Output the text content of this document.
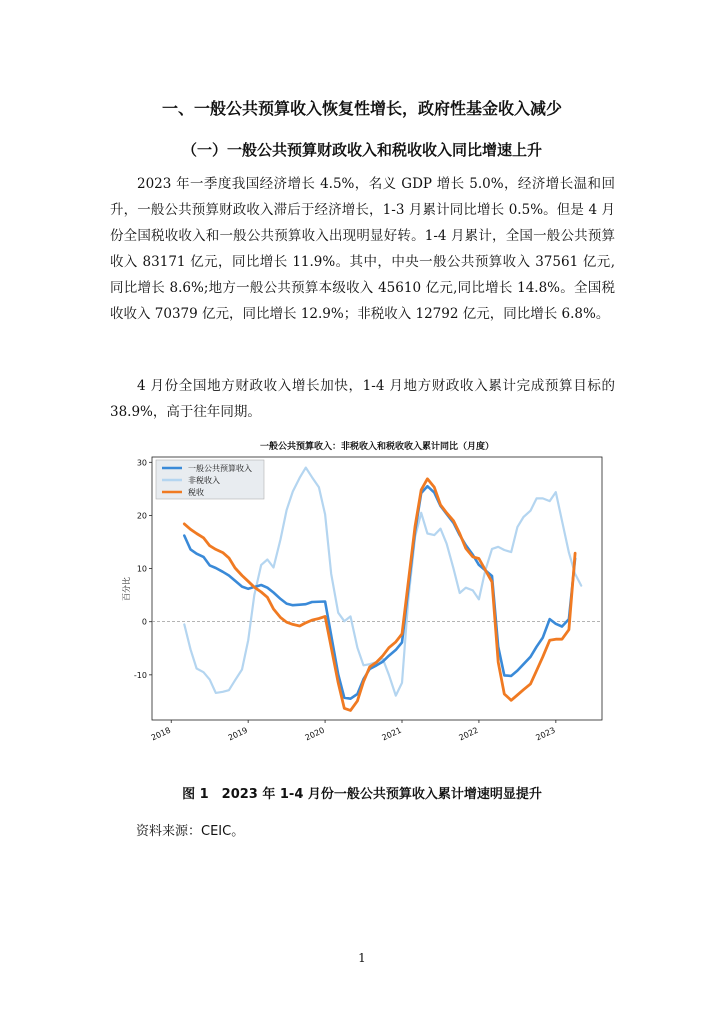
一、一般公共预算收入恢复性增长，政府性基金收入减少
（一）一般公共预算财政收入和税收收入同比增速上升

2023 年一季度我国经济增长 4.5%，名义 GDP 增长 5.0%，经济增长温和回升，一般公共预算财政收入滞后于经济增长，1-3 月累计同比增长 0.5%。但是 4 月份全国税收收入和一般公共预算收入出现明显好转。1-4 月累计，全国一般公共预算收入 83171 亿元，同比增长 11.9%。其中，中央一般公共预算收入 37561 亿元,同比增长 8.6%;地方一般公共预算本级收入 45610 亿元,同比增长 14.8%。全国税收收入 70379 亿元，同比增长 12.9%；非税收入 12792 亿元，同比增长 6.8%。

4 月份全国地方财政收入增长加快，1-4 月地方财政收入累计完成预算目标的 38.9%，高于往年同期。

一般公共预算收入：非税收入和税收收入累计同比（月度）
-10
0
10
20
30
2018	2019	2020	2021	2022	2023
百分比
一般公共预算收入
非税收入
税收
图 1　2023 年 1-4 月份一般公共预算收入累计增速明显提升
资料来源：CEIC。
1
